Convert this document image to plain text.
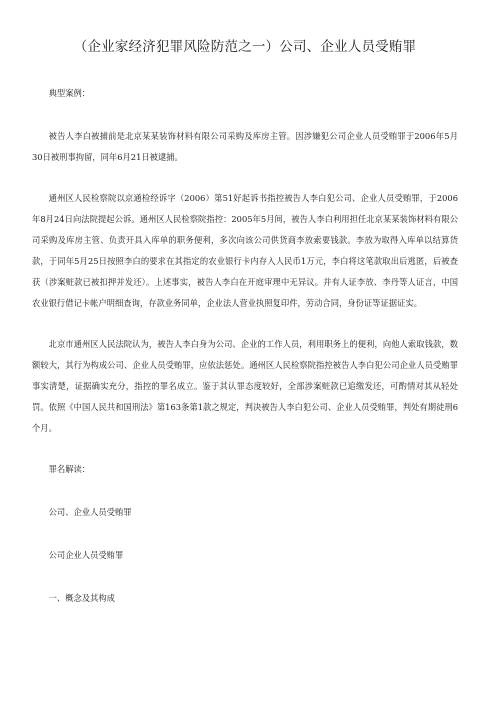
（企业家经济犯罪风险防范之一）公司、企业人员受贿罪

典型案例：

被告人李白被捕前是北京某某装饰材料有限公司采购及库房主管。因涉嫌犯公司企业人员受贿罪于2006年5月30日被刑事拘留，同年6月21日被逮捕。

通州区人民检察院以京通检经诉字（2006）第51好起诉书指控被告人李白犯公司、企业人员受贿罪，于2006年8月24日向法院提起公诉。通州区人民检察院指控：2005年5月间，被告人李白利用担任北京某某装饰材料有限公司采购及库房主管、负责开具入库单的职务便利，多次向该公司供货商李放索要钱款。李放为取得入库单以结算货款，于同年5月25日按照李白的要求在其指定的农业银行卡内存入人民币1万元，李白将这笔款取出后逃匿，后被查获（涉案赃款已被扣押并发还）。上述事实，被告人李白在开庭审理中无异议。并有人证李放、李丹等人证言，中国农业银行借记卡帐户明细查询，存款业务同单，企业法人营业执照复印件，劳动合同，身份证等证据证实。

北京市通州区人民法院认为，被告人李白身为公司、企业的工作人员，利用职务上的便利，向他人索取钱款，数额较大，其行为构成公司、企业人员受贿罪，应依法惩处。通州区人民检察院指控被告人李白犯公司企业人员受贿罪事实清楚，证据确实充分，指控的罪名成立。鉴于其认罪态度较好，全部涉案赃款已追缴发还，可酌情对其从轻处罚。依照《中国人民共和国刑法》第163条第1款之规定，判决被告人李白犯公司、企业人员受贿罪，判处有期徒刑6个月。

罪名解读：

公司、企业人员受贿罪

公司企业人员受贿罪

一、概念及其构成
